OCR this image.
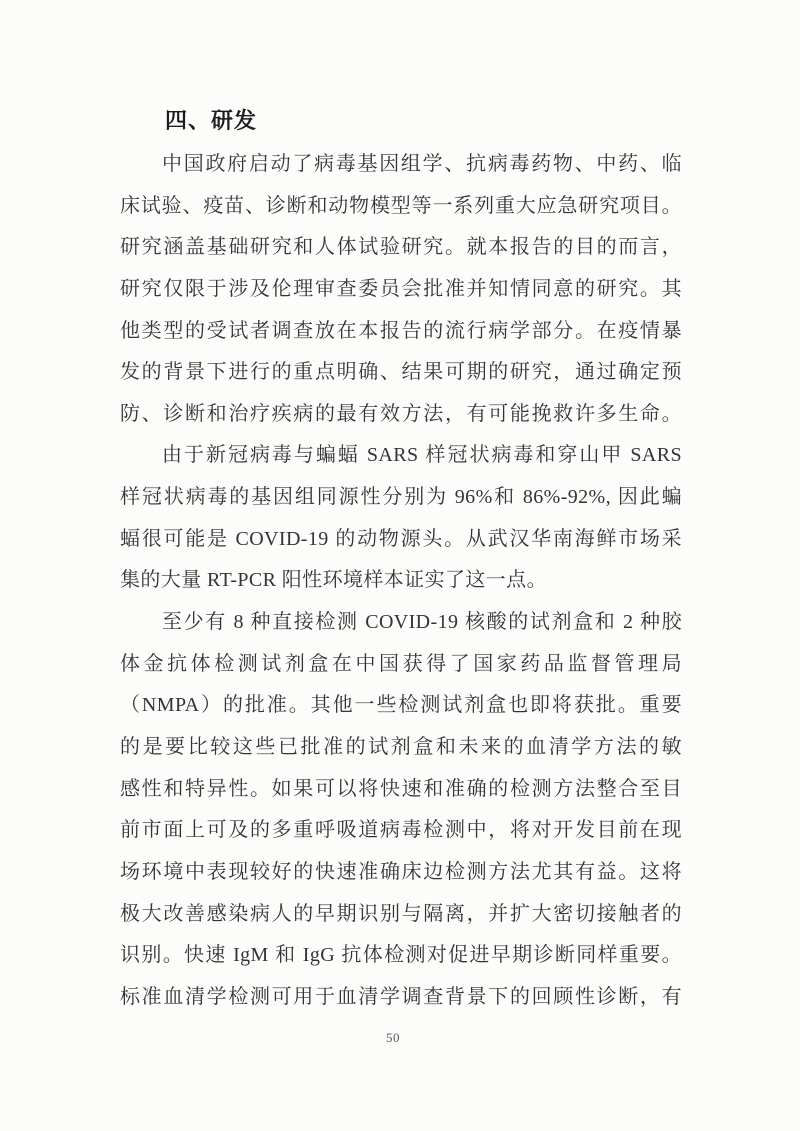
四、研发
中国政府启动了病毒基因组学、抗病毒药物、中药、临
床试验、疫苗、诊断和动物模型等一系列重大应急研究项目。
研究涵盖基础研究和人体试验研究。就本报告的目的而言，
研究仅限于涉及伦理审查委员会批准并知情同意的研究。其
他类型的受试者调查放在本报告的流行病学部分。在疫情暴
发的背景下进行的重点明确、结果可期的研究，通过确定预
防、诊断和治疗疾病的最有效方法，有可能挽救许多生命。
由于新冠病毒与蝙蝠 SARS 样冠状病毒和穿山甲 SARS
样冠状病毒的基因组同源性分别为 96%和 86%-92%, 因此蝙
蝠很可能是 COVID-19 的动物源头。从武汉华南海鲜市场采
集的大量 RT-PCR 阳性环境样本证实了这一点。
至少有 8 种直接检测 COVID-19 核酸的试剂盒和 2 种胶
体金抗体检测试剂盒在中国获得了国家药品监督管理局
（NMPA）的批准。其他一些检测试剂盒也即将获批。重要
的是要比较这些已批准的试剂盒和未来的血清学方法的敏
感性和特异性。如果可以将快速和准确的检测方法整合至目
前市面上可及的多重呼吸道病毒检测中，将对开发目前在现
场环境中表现较好的快速准确床边检测方法尤其有益。这将
极大改善感染病人的早期识别与隔离，并扩大密切接触者的
识别。快速 IgM 和 IgG 抗体检测对促进早期诊断同样重要。
标准血清学检测可用于血清学调查背景下的回顾性诊断，有
50
